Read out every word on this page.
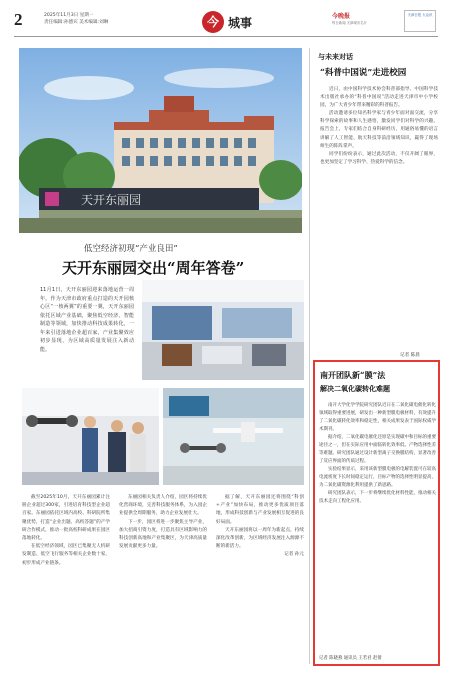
2	2025年11月3日 星期一
责任编辑:孙德宾 美术编辑:刘琳	今 城事	今晚报
每日新闻 天津城市名片
天津日报 大众讯
天开东丽园
低空经济初现“产业良田”
天开东丽园交出“周年答卷”
11月1日，天开东丽园迎来落地运营一周年。作为天津市政府重点打造的天开园核心区“一核两翼”的重要一翼，天开东丽园依托区域产业基础，聚焦低空经济、智能制造等领域，加快推动科技成果转化，一年来引进落地企业超百家，产业集聚效应初步显现，为区域高质量发展注入新动能。

截至2025年10月，天开东丽园累计注册企业超过300家，引进培育科技型企业超百家。东丽园依托区域内高校、科研院所集聚优势，打造“企业出题、高校答题”的产学研合作模式，推动一批高校科研成果在园区落地转化。

在低空经济领域，园区已集聚无人机研发制造、低空飞行服务等相关企业数十家，初步形成产业链条。

东丽园相关负责人介绍，园区将持续优化营商环境，完善科技服务体系，为入园企业提供全周期服务，助力企业发展壮大。

下一步，园区将进一步聚焦主导产业，加大招商引资力度，打造具有区域影响力的科技创新高地和产业集聚区，为天津高质量发展贡献更多力量。

据了解，天开东丽园还将围绕“科创+产业”加快布局，推动更多优质项目落地，形成科技创新与产业发展相互促进的良好局面。

天开东丽园将以一周年为新起点，持续深化改革创新，为区域经济发展注入源源不断的新活力。

记者 孙元
与未来对话
“科普中国说”走进校园

近日，由中国科学技术协会科普部指导、中国科学技术出版社承办的“科普中国说”活动走进天津市中小学校园，为广大青少年带来精彩的科普报告。

活动邀请多位知名科学家与青少年面对面交流，分享科学探索的故事和人生感悟，激发同学们对科学的兴趣。报告会上，专家们结合自身科研经历，用通俗易懂的语言讲解了人工智能、航天科技等前沿领域知识，赢得了现场师生的阵阵掌声。

同学们纷纷表示，通过此次活动，不仅开阔了眼界，也更加坚定了学习科学、热爱科学的信念。

记者 陈晨
南开团队新“膜”法
解决二氧化碳转化难题

南开大学化学学院研究团队近日在二氧化碳电催化转化领域取得重要进展，研发出一种新型膜电极材料，有效提升了二氧化碳转化效率和稳定性，相关成果发表于国际权威学术期刊。

据介绍，二氧化碳电催化还原是实现碳中和目标的重要途径之一，但在实际应用中面临转化效率低、产物选择性差等难题。研究团队通过设计新型离子交换膜结构，显著改善了反应界面的传质过程。

实验结果显示，采用该新型膜电极的电解装置可在较高电流密度下长时间稳定运行，目标产物的选择性明显提高，为二氧化碳资源化利用提供了新思路。

研究团队表示，下一步将继续优化材料性能，推动相关技术走向工程化应用。

记者 陈晓燕 通讯员 王若君 赵倩
